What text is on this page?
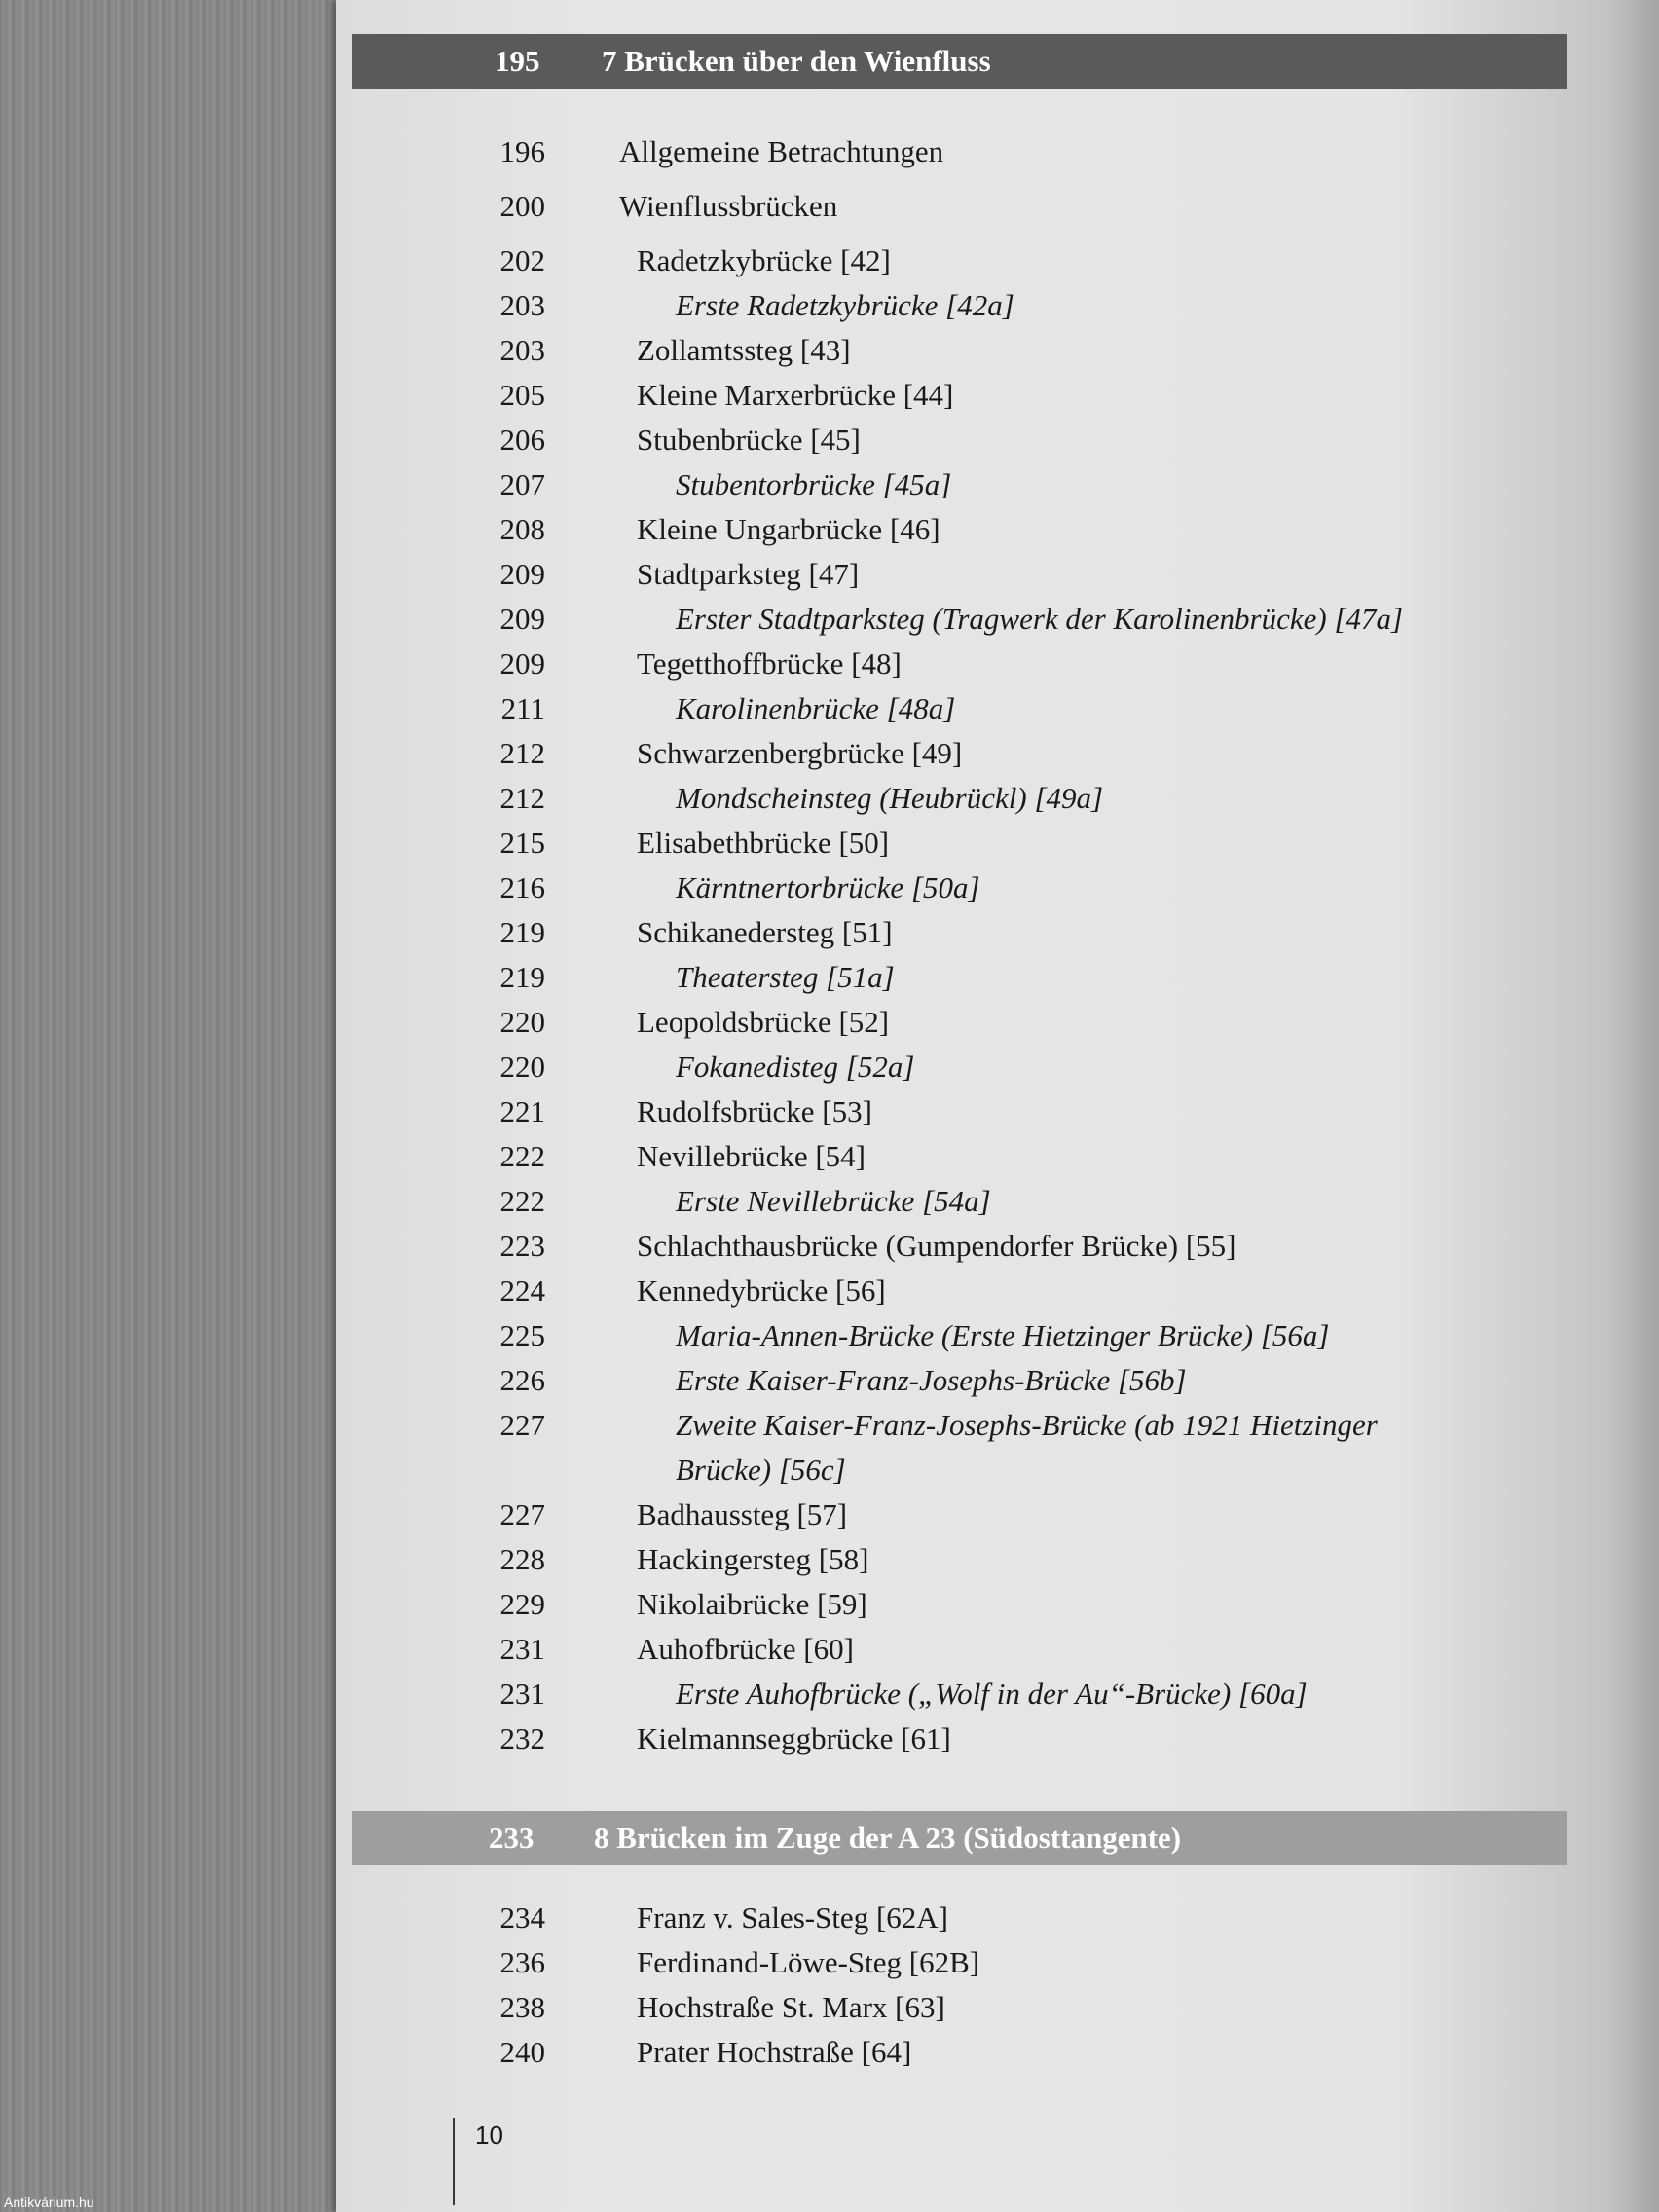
195 7 Brücken über den Wienfluss
233 8 Brücken im Zuge der A 23 (Südosttangente)
196 Allgemeine Betrachtungen
200 Wienflussbrücken
202	Radetzkybrücke [42]
203	Erste Radetzkybrücke [42a]
203	Zollamtssteg [43]
205	Kleine Marxerbrücke [44]
206	Stubenbrücke [45]
207	Stubentorbrücke [45a]
208	Kleine Ungarbrücke [46]
209	Stadtparksteg [47]
209	Erster Stadtparksteg (Tragwerk der Karolinenbrücke) [47a]
209	Tegetthoffbrücke [48]
211	Karolinenbrücke [48a]
212	Schwarzenbergbrücke [49]
212	Mondscheinsteg (Heubrückl) [49a]
215	Elisabethbrücke [50]
216	Kärntnertorbrücke [50a]
219	Schikanedersteg [51]
219	Theatersteg [51a]
220	Leopoldsbrücke [52]
220	Fokanedisteg [52a]
221	Rudolfsbrücke [53]
222	Nevillebrücke [54]
222	Erste Nevillebrücke [54a]
223	Schlachthausbrücke (Gumpendorfer Brücke) [55]
224	Kennedybrücke [56]
225	Maria-Annen-Brücke (Erste Hietzinger Brücke) [56a]
226	Erste Kaiser-Franz-Josephs-Brücke [56b]
227	Zweite Kaiser-Franz-Josephs-Brücke (ab 1921 Hietzinger
Brücke) [56c]
227	Badhaussteg [57]
228	Hackingersteg [58]
229	Nikolaibrücke [59]
231	Auhofbrücke [60]
231	Erste Auhofbrücke („Wolf in der Au“-Brücke) [60a]
232	Kielmannseggbrücke [61]
234	Franz v. Sales-Steg [62A]
236	Ferdinand-Löwe-Steg [62B]
238	Hochstraße St. Marx [63]
240	Prater Hochstraße [64]
10
Antikvárium.hu
